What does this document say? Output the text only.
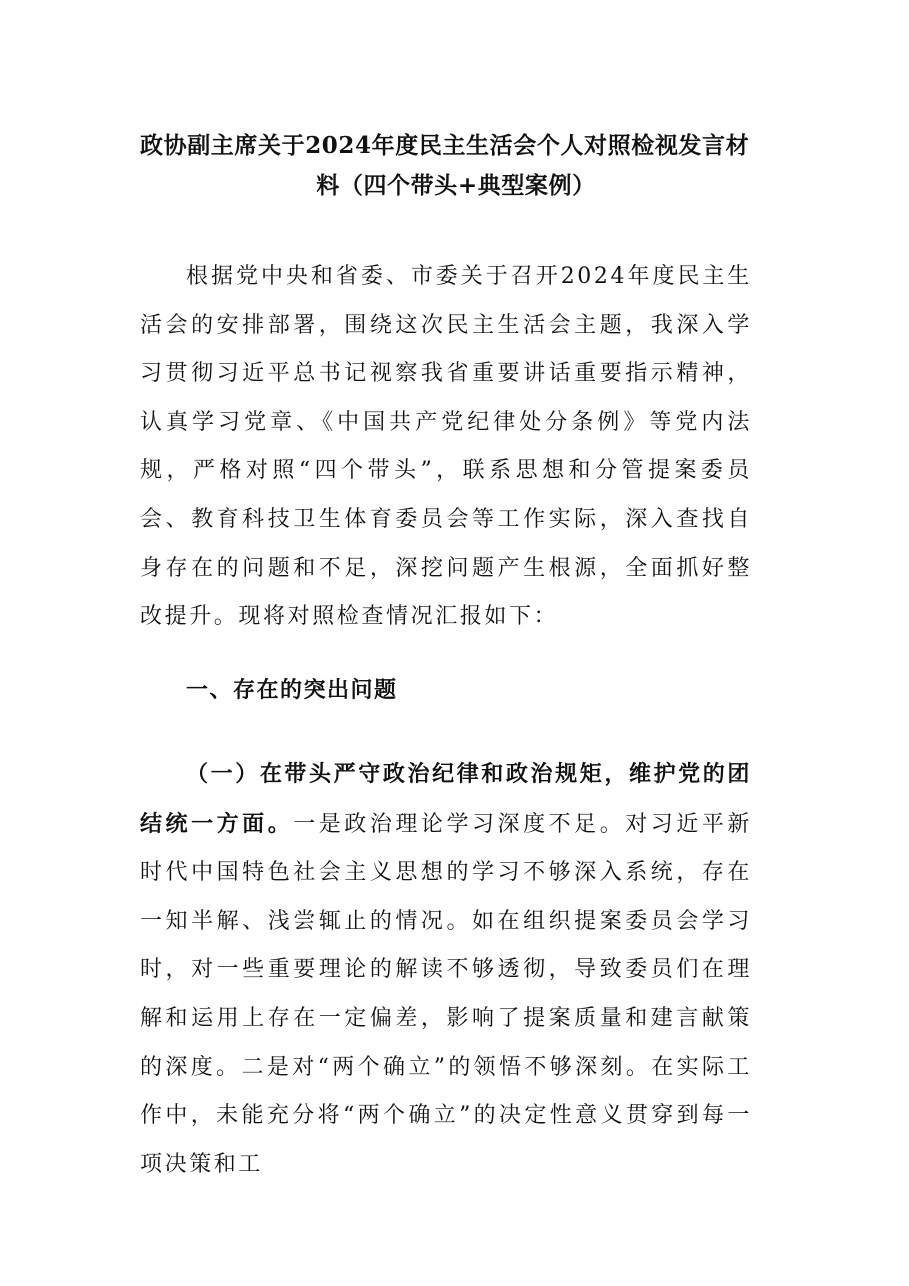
政协副主席关于2024年度民主生活会个人对照检视发言材
料（四个带头+典型案例）

根据党中央和省委、市委关于召开2024年度民主生活会的安排部署，围绕这次民主生活会主题，我深入学习贯彻习近平总书记视察我省重要讲话重要指示精神，认真学习党章、《中国共产党纪律处分条例》等党内法规，严格对照“四个带头”，联系思想和分管提案委员会、教育科技卫生体育委员会等工作实际，深入查找自身存在的问题和不足，深挖问题产生根源，全面抓好整改提升。现将对照检查情况汇报如下：

一、存在的突出问题

（一）在带头严守政治纪律和政治规矩，维护党的团结统一方面。一是政治理论学习深度不足。对习近平新时代中国特色社会主义思想的学习不够深入系统，存在一知半解、浅尝辄止的情况。如在组织提案委员会学习时，对一些重要理论的解读不够透彻，导致委员们在理解和运用上存在一定偏差，影响了提案质量和建言献策的深度。二是对“两个确立”的领悟不够深刻。在实际工作中，未能充分将“两个确立”的决定性意义贯穿到每一项决策和工
